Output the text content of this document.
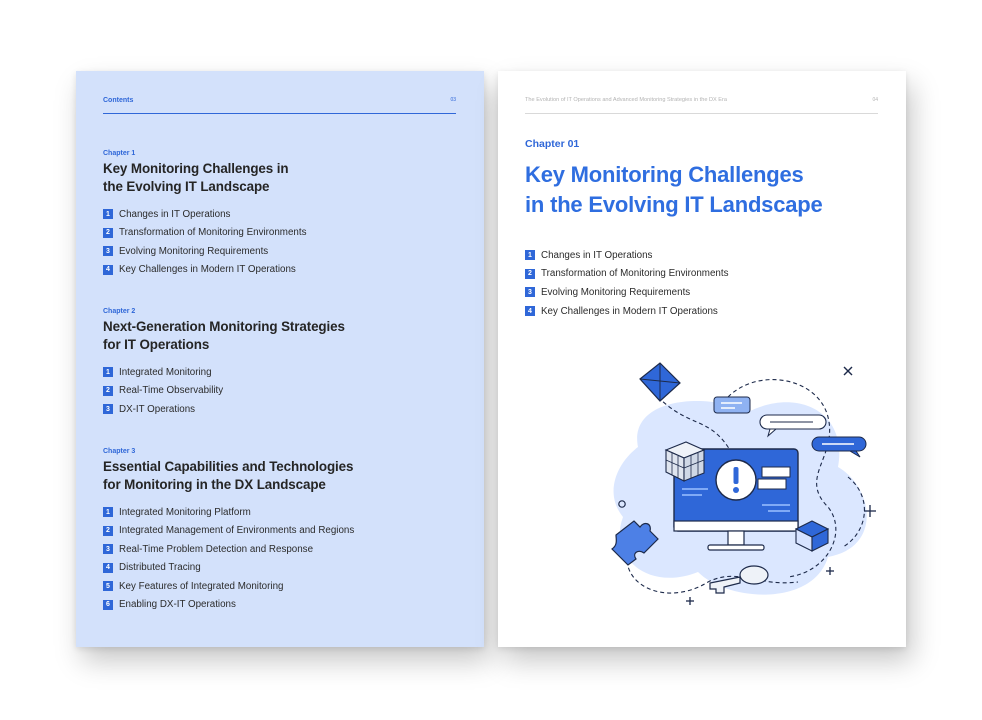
Contents	03

Chapter 1

Key Monitoring Challenges in
the Evolving IT Landscape
1 Changes in IT Operations
2 Transformation of Monitoring Environments
3 Evolving Monitoring Requirements
4 Key Challenges in Modern IT Operations

Chapter 2

Next-Generation Monitoring Strategies
for IT Operations
1 Integrated Monitoring
2 Real-Time Observability
3 DX-IT Operations

Chapter 3

Essential Capabilities and Technologies
for Monitoring in the DX Landscape
1 Integrated Monitoring Platform
2 Integrated Management of Environments and Regions
3 Real-Time Problem Detection and Response
4 Distributed Tracing
5 Key Features of Integrated Monitoring
6 Enabling DX-IT Operations
The Evolution of IT Operations and Advanced Monitoring Strategies in the DX Era	04

Chapter 01

Key Monitoring Challenges
in the Evolving IT Landscape
1 Changes in IT Operations
2 Transformation of Monitoring Environments
3 Evolving Monitoring Requirements
4 Key Challenges in Modern IT Operations
